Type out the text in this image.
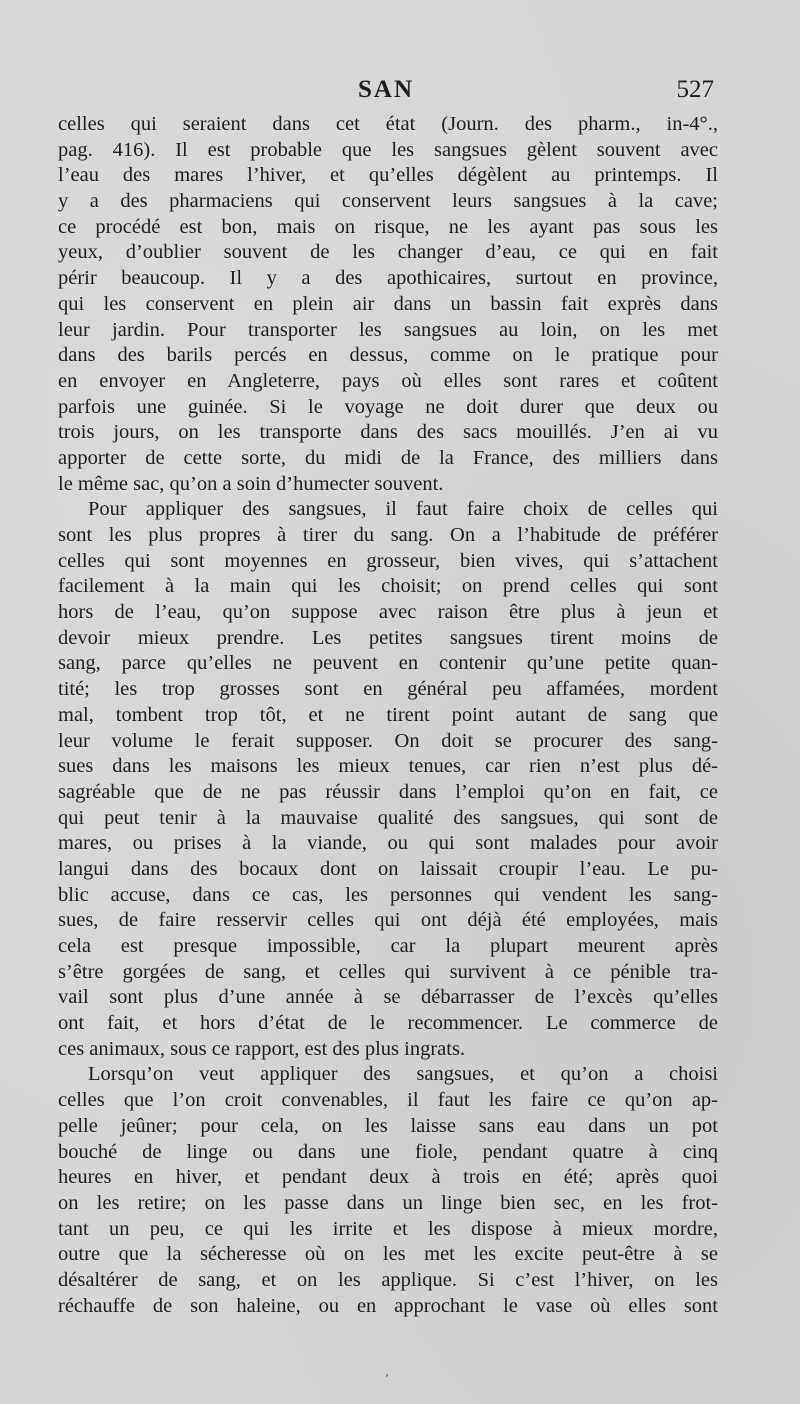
SAN	527
celles qui seraient dans cet état (Journ. des pharm., in-4°.,
pag. 416). Il est probable que les sangsues gèlent souvent avec
l’eau des mares l’hiver, et qu’elles dégèlent au printemps. Il
y a des pharmaciens qui conservent leurs sangsues à la cave;
ce procédé est bon, mais on risque, ne les ayant pas sous les
yeux, d’oublier souvent de les changer d’eau, ce qui en fait
périr beaucoup. Il y a des apothicaires, surtout en province,
qui les conservent en plein air dans un bassin fait exprès dans
leur jardin. Pour transporter les sangsues au loin, on les met
dans des barils percés en dessus, comme on le pratique pour
en envoyer en Angleterre, pays où elles sont rares et coûtent
parfois une guinée. Si le voyage ne doit durer que deux ou
trois jours, on les transporte dans des sacs mouillés. J’en ai vu
apporter de cette sorte, du midi de la France, des milliers dans
le même sac, qu’on a soin d’humecter souvent.
Pour appliquer des sangsues, il faut faire choix de celles qui
sont les plus propres à tirer du sang. On a l’habitude de préférer
celles qui sont moyennes en grosseur, bien vives, qui s’attachent
facilement à la main qui les choisit; on prend celles qui sont
hors de l’eau, qu’on suppose avec raison être plus à jeun et
devoir mieux prendre. Les petites sangsues tirent moins de
sang, parce qu’elles ne peuvent en contenir qu’une petite quan-
tité; les trop grosses sont en général peu affamées, mordent
mal, tombent trop tôt, et ne tirent point autant de sang que
leur volume le ferait supposer. On doit se procurer des sang-
sues dans les maisons les mieux tenues, car rien n’est plus dé-
sagréable que de ne pas réussir dans l’emploi qu’on en fait, ce
qui peut tenir à la mauvaise qualité des sangsues, qui sont de
mares, ou prises à la viande, ou qui sont malades pour avoir
langui dans des bocaux dont on laissait croupir l’eau. Le pu-
blic accuse, dans ce cas, les personnes qui vendent les sang-
sues, de faire resservir celles qui ont déjà été employées, mais
cela est presque impossible, car la plupart meurent après
s’être gorgées de sang, et celles qui survivent à ce pénible tra-
vail sont plus d’une année à se débarrasser de l’excès qu’elles
ont fait, et hors d’état de le recommencer. Le commerce de
ces animaux, sous ce rapport, est des plus ingrats.
Lorsqu’on veut appliquer des sangsues, et qu’on a choisi
celles que l’on croit convenables, il faut les faire ce qu’on ap-
pelle jeûner; pour cela, on les laisse sans eau dans un pot
bouché de linge ou dans une fiole, pendant quatre à cinq
heures en hiver, et pendant deux à trois en été; après quoi
on les retire; on les passe dans un linge bien sec, en les frot-
tant un peu, ce qui les irrite et les dispose à mieux mordre,
outre que la sécheresse où on les met les excite peut-être à se
désaltérer de sang, et on les applique. Si c’est l’hiver, on les
réchauffe de son haleine, ou en approchant le vase où elles sont
’
